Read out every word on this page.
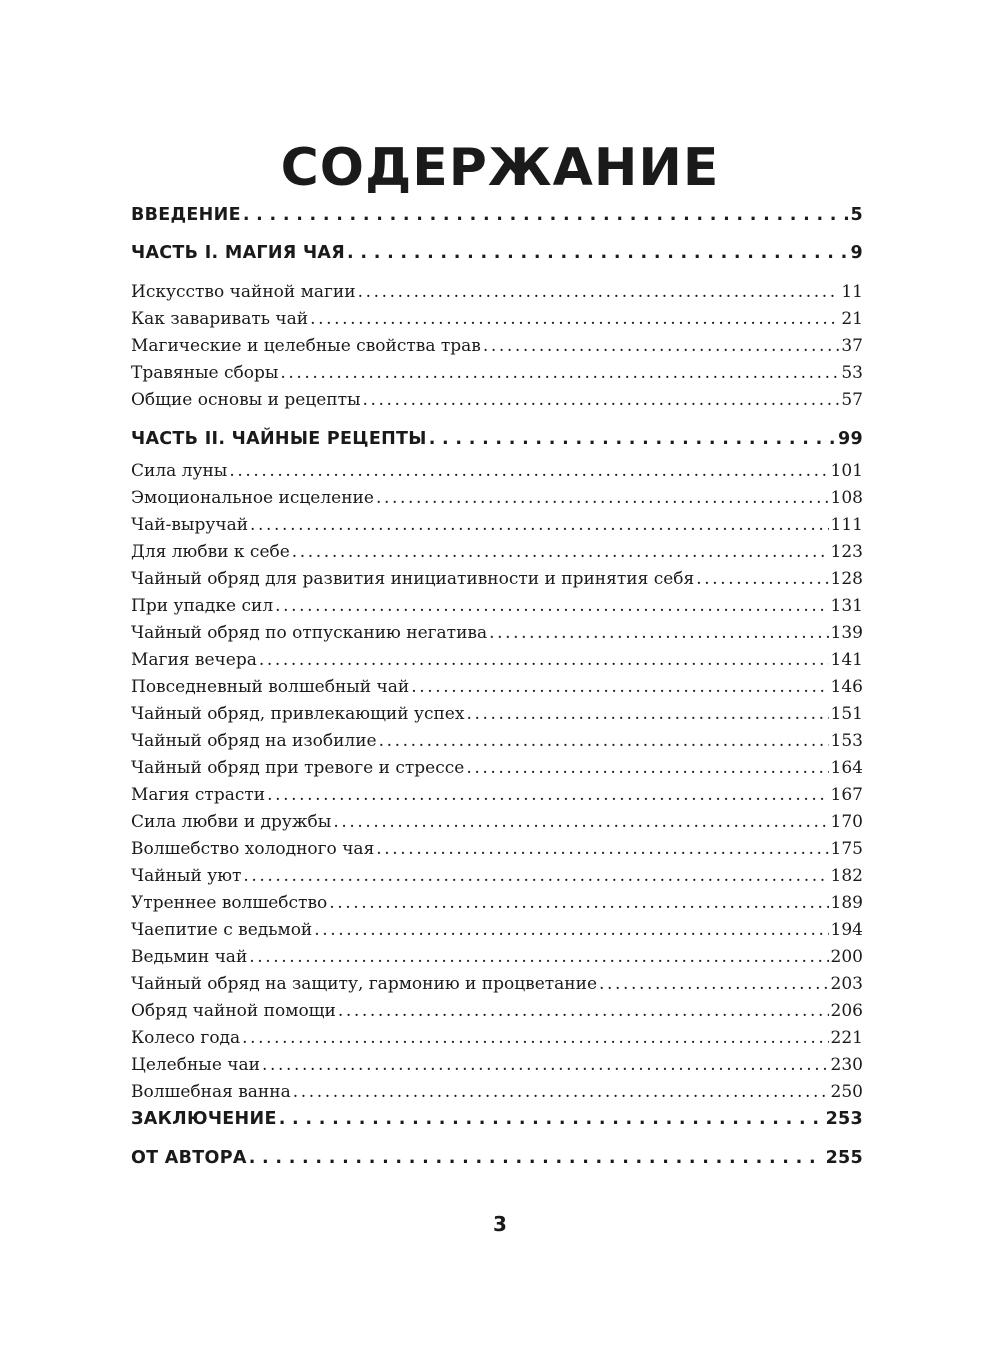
СОДЕРЖАНИЕ
ВВЕДЕНИЕ . . .	5
ЧАСТЬ I. МАГИЯ ЧАЯ . . .	9
Искусство чайной магии .....	11
Как заваривать чай .....	21
Магические и целебные свойства трав .....	37
Травяные сборы .....	53
Общие основы и рецепты .....	57
ЧАСТЬ II. ЧАЙНЫЕ РЕЦЕПТЫ . . .	99
Сила луны .....	101
Эмоциональное исцеление .....	108
Чай-выручай .....	111
Для любви к себе .....	123
Чайный обряд для развития инициативности и принятия себя .....	128
При упадке сил .....	131
Чайный обряд по отпусканию негатива .....	139
Магия вечера .....	141
Повседневный волшебный чай .....	146
Чайный обряд, привлекающий успех .....	151
Чайный обряд на изобилие .....	153
Чайный обряд при тревоге и стрессе .....	164
Магия страсти .....	167
Сила любви и дружбы .....	170
Волшебство холодного чая .....	175
Чайный уют .....	182
Утреннее волшебство .....	189
Чаепитие с ведьмой .....	194
Ведьмин чай .....	200
Чайный обряд на защиту, гармонию и процветание .....	203
Обряд чайной помощи .....	206
Колесо года .....	221
Целебные чаи .....	230
Волшебная ванна .....	250
ЗАКЛЮЧЕНИЕ . . .	253
ОТ АВТОРА . . .	255
3
